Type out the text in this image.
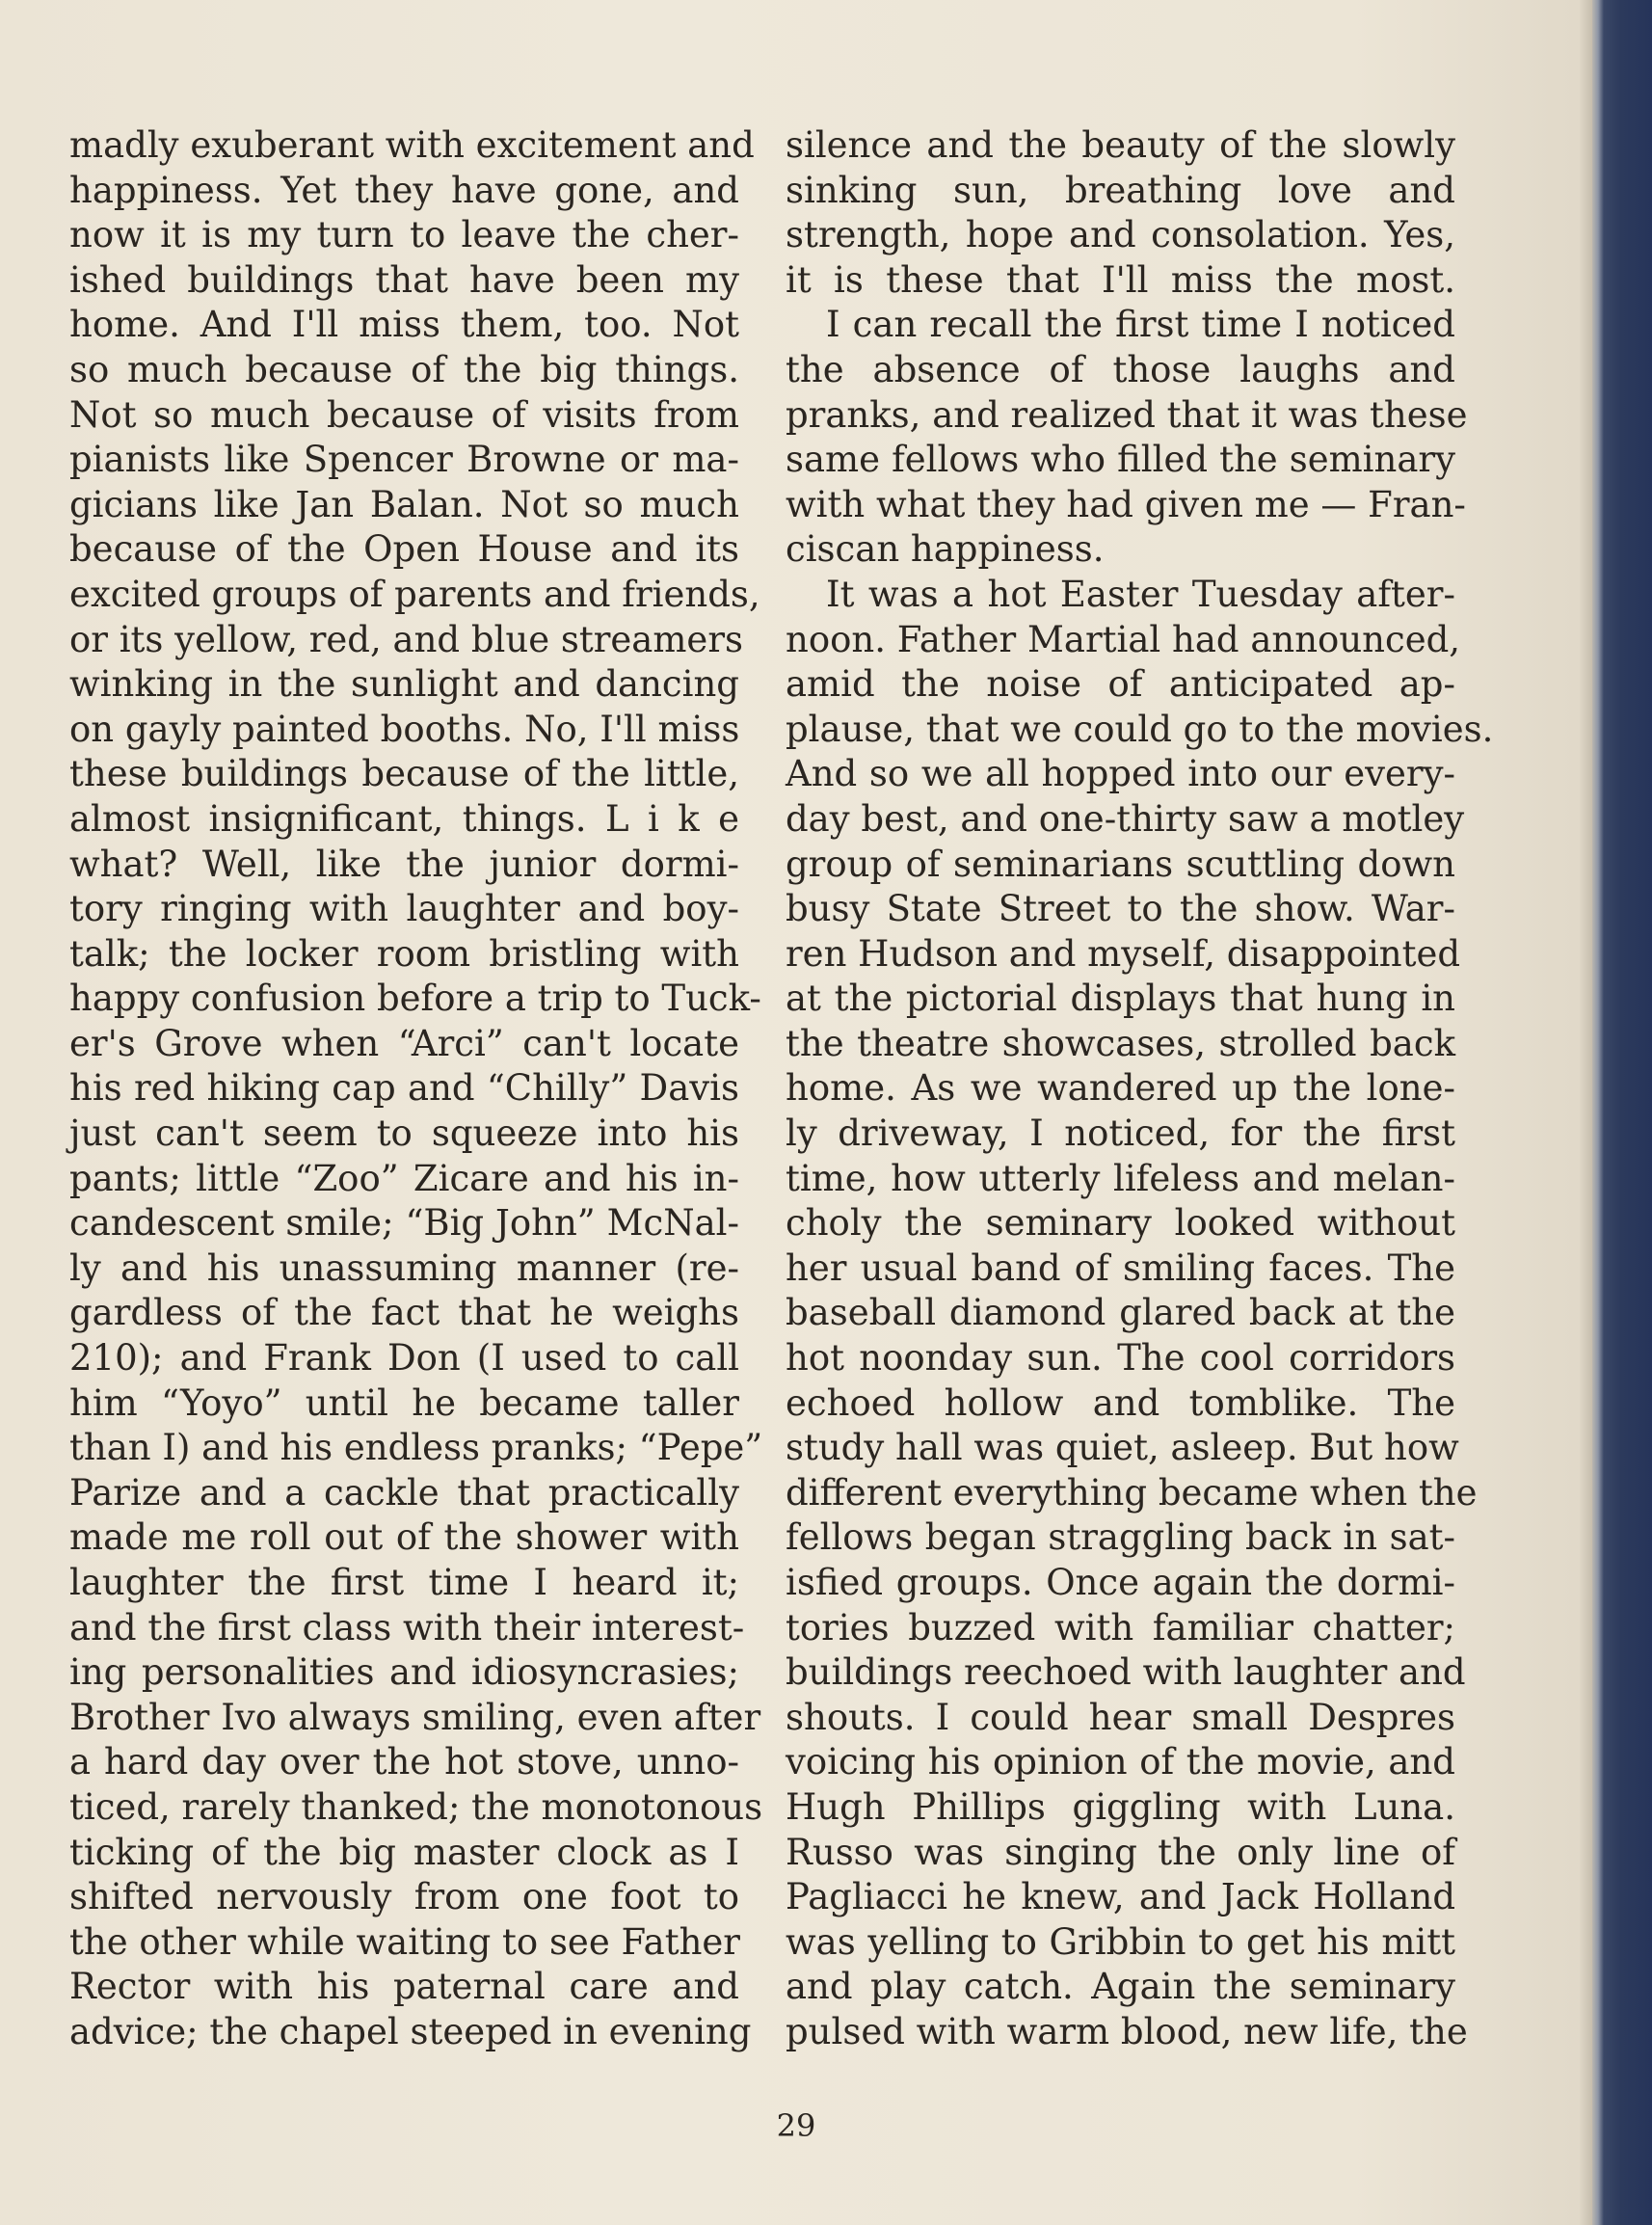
madly exuberant with excitement and
happiness. Yet they have gone, and
now it is my turn to leave the cher-
ished buildings that have been my
home. And I'll miss them, too. Not
so much because of the big things.
Not so much because of visits from
pianists like Spencer Browne or ma-
gicians like Jan Balan. Not so much
because of the Open House and its
excited groups of parents and friends,
or its yellow, red, and blue streamers
winking in the sunlight and dancing
on gayly painted booths. No, I'll miss
these buildings because of the little,
almost insignificant, things. L i k e
what? Well, like the junior dormi-
tory ringing with laughter and boy-
talk; the locker room bristling with
happy confusion before a trip to Tuck-
er's Grove when “Arci” can't locate
his red hiking cap and “Chilly” Davis
just can't seem to squeeze into his
pants; little “Zoo” Zicare and his in-
candescent smile; “Big John” McNal-
ly and his unassuming manner (re-
gardless of the fact that he weighs
210); and Frank Don (I used to call
him “Yoyo” until he became taller
than I) and his endless pranks; “Pepe”
Parize and a cackle that practically
made me roll out of the shower with
laughter the first time I heard it;
and the first class with their interest-
ing personalities and idiosyncrasies;
Brother Ivo always smiling, even after
a hard day over the hot stove, unno-
ticed, rarely thanked; the monotonous
ticking of the big master clock as I
shifted nervously from one foot to
the other while waiting to see Father
Rector with his paternal care and
advice; the chapel steeped in evening
silence and the beauty of the slowly
sinking sun, breathing love and
strength, hope and consolation. Yes,
it is these that I'll miss the most.
I can recall the first time I noticed
the absence of those laughs and
pranks, and realized that it was these
same fellows who filled the seminary
with what they had given me — Fran-
ciscan happiness.
It was a hot Easter Tuesday after-
noon. Father Martial had announced,
amid the noise of anticipated ap-
plause, that we could go to the movies.
And so we all hopped into our every-
day best, and one-thirty saw a motley
group of seminarians scuttling down
busy State Street to the show. War-
ren Hudson and myself, disappointed
at the pictorial displays that hung in
the theatre showcases, strolled back
home. As we wandered up the lone-
ly driveway, I noticed, for the first
time, how utterly lifeless and melan-
choly the seminary looked without
her usual band of smiling faces. The
baseball diamond glared back at the
hot noonday sun. The cool corridors
echoed hollow and tomblike. The
study hall was quiet, asleep. But how
different everything became when the
fellows began straggling back in sat-
isfied groups. Once again the dormi-
tories buzzed with familiar chatter;
buildings reechoed with laughter and
shouts. I could hear small Despres
voicing his opinion of the movie, and
Hugh Phillips giggling with Luna.
Russo was singing the only line of
Pagliacci he knew, and Jack Holland
was yelling to Gribbin to get his mitt
and play catch. Again the seminary
pulsed with warm blood, new life, the
29
